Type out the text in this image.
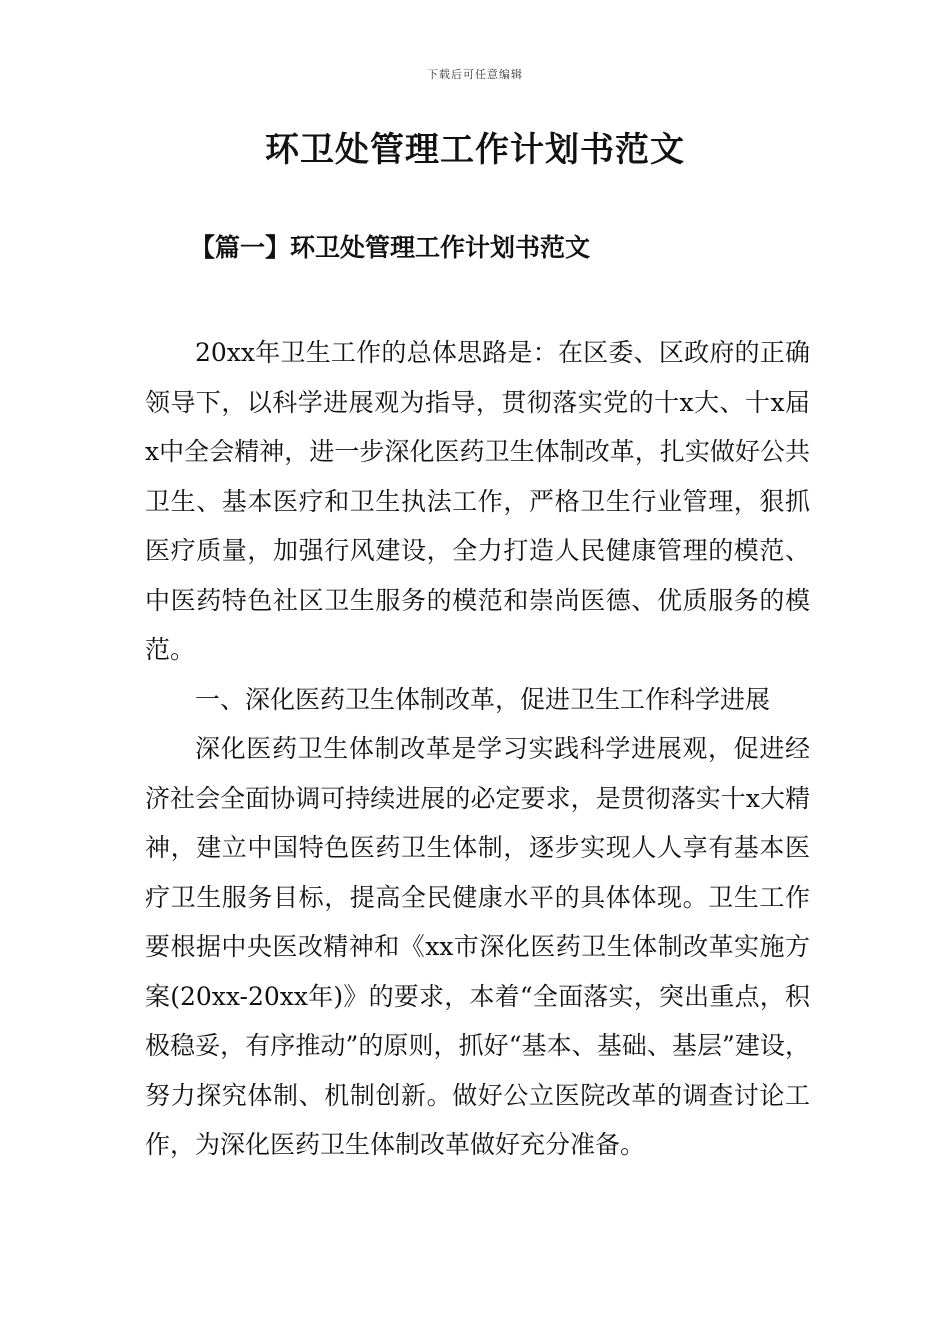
下载后可任意编辑
环卫处管理工作计划书范文
【篇一】环卫处管理工作计划书范文

20xx年卫生工作的总体思路是：在区委、区政府的正确领导下，以科学进展观为指导，贯彻落实党的十x大、十x届x中全会精神，进一步深化医药卫生体制改革，扎实做好公共卫生、基本医疗和卫生执法工作，严格卫生行业管理，狠抓医疗质量，加强行风建设，全力打造人民健康管理的模范、中医药特色社区卫生服务的模范和崇尚医德、优质服务的模范。

一、深化医药卫生体制改革，促进卫生工作科学进展

深化医药卫生体制改革是学习实践科学进展观，促进经济社会全面协调可持续进展的必定要求，是贯彻落实十x大精神，建立中国特色医药卫生体制，逐步实现人人享有基本医疗卫生服务目标，提高全民健康水平的具体体现。卫生工作要根据中央医改精神和《xx市深化医药卫生体制改革实施方案(20xx-20xx年)》的要求，本着“全面落实，突出重点，积极稳妥，有序推动”的原则，抓好“基本、基础、基层”建设，努力探究体制、机制创新。做好公立医院改革的调查讨论工作，为深化医药卫生体制改革做好充分准备。
